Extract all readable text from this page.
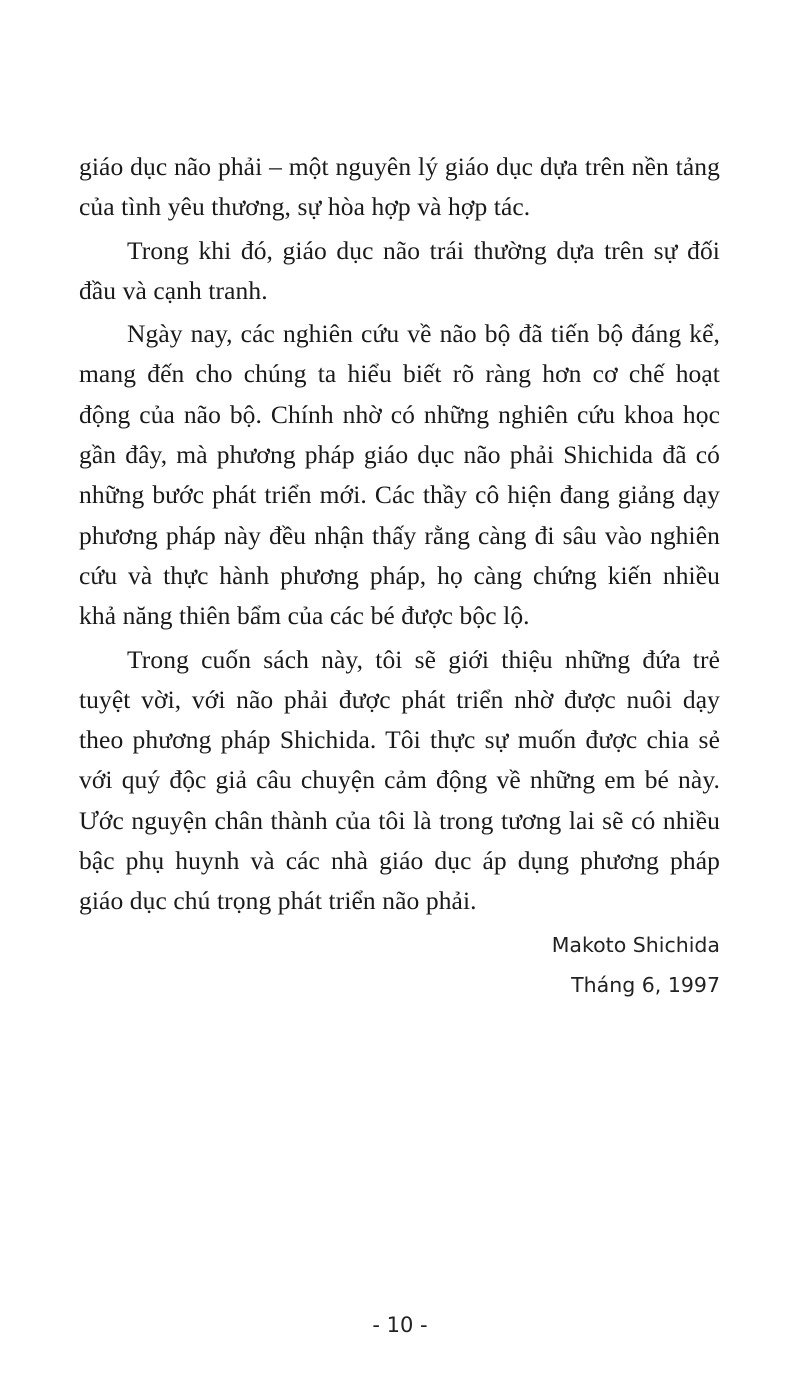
giáo dục não phải – một nguyên lý giáo dục dựa trên nền tảng của tình yêu thương, sự hòa hợp và hợp tác.

Trong khi đó, giáo dục não trái thường dựa trên sự đối đầu và cạnh tranh.

Ngày nay, các nghiên cứu về não bộ đã tiến bộ đáng kể, mang đến cho chúng ta hiểu biết rõ ràng hơn cơ chế hoạt động của não bộ. Chính nhờ có những nghiên cứu khoa học gần đây, mà phương pháp giáo dục não phải Shichida đã có những bước phát triển mới. Các thầy cô hiện đang giảng dạy phương pháp này đều nhận thấy rằng càng đi sâu vào nghiên cứu và thực hành phương pháp, họ càng chứng kiến nhiều khả năng thiên bẩm của các bé được bộc lộ.

Trong cuốn sách này, tôi sẽ giới thiệu những đứa trẻ tuyệt vời, với não phải được phát triển nhờ được nuôi dạy theo phương pháp Shichida. Tôi thực sự muốn được chia sẻ với quý độc giả câu chuyện cảm động về những em bé này. Ước nguyện chân thành của tôi là trong tương lai sẽ có nhiều bậc phụ huynh và các nhà giáo dục áp dụng phương pháp giáo dục chú trọng phát triển não phải.

Makoto Shichida

Tháng 6, 1997

- 10 -
